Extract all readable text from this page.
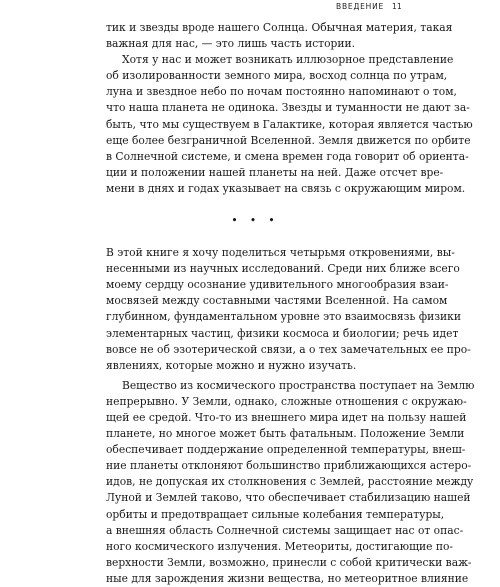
ВВЕДЕНИЕ 11
тик и звезды вроде нашего Солнца. Обычная материя, такая
важная для нас, — это лишь часть истории.
Хотя у нас и может возникать иллюзорное представление
об изолированности земного мира, восход солнца по утрам,
луна и звездное небо по ночам постоянно напоминают о том,
что наша планета не одинока. Звезды и туманности не дают за-
быть, что мы существуем в Галактике, которая является частью
еще более безграничной Вселенной. Земля движется по орбите
в Солнечной системе, и смена времен года говорит об ориента-
ции и положении нашей планеты на ней. Даже отсчет вре-
мени в днях и годах указывает на связь с окружающим миром.
• • •
В этой книге я хочу поделиться четырьмя откровениями, вы-
несенными из научных исследований. Среди них ближе всего
моему сердцу осознание удивительного многообразия взаи-
мосвязей между составными частями Вселенной. На самом
глубинном, фундаментальном уровне это взаимосвязь физики
элементарных частиц, физики космоса и биологии; речь идет
вовсе не об эзотерической связи, а о тех замечательных ее про-
явлениях, которые можно и нужно изучать.
Вещество из космического пространства поступает на Землю
непрерывно. У Земли, однако, сложные отношения с окружаю-
щей ее средой. Что-то из внешнего мира идет на пользу нашей
планете, но многое может быть фатальным. Положение Земли
обеспечивает поддержание определенной температуры, внеш-
ние планеты отклоняют большинство приближающихся астеро-
идов, не допуская их столкновения с Землей, расстояние между
Луной и Землей таково, что обеспечивает стабилизацию нашей
орбиты и предотвращает сильные колебания температуры,
а внешняя область Солнечной системы защищает нас от опас-
ного космического излучения. Метеориты, достигающие по-
верхности Земли, возможно, принесли с собой критически важ-
ные для зарождения жизни вещества, но метеоритное влияние
